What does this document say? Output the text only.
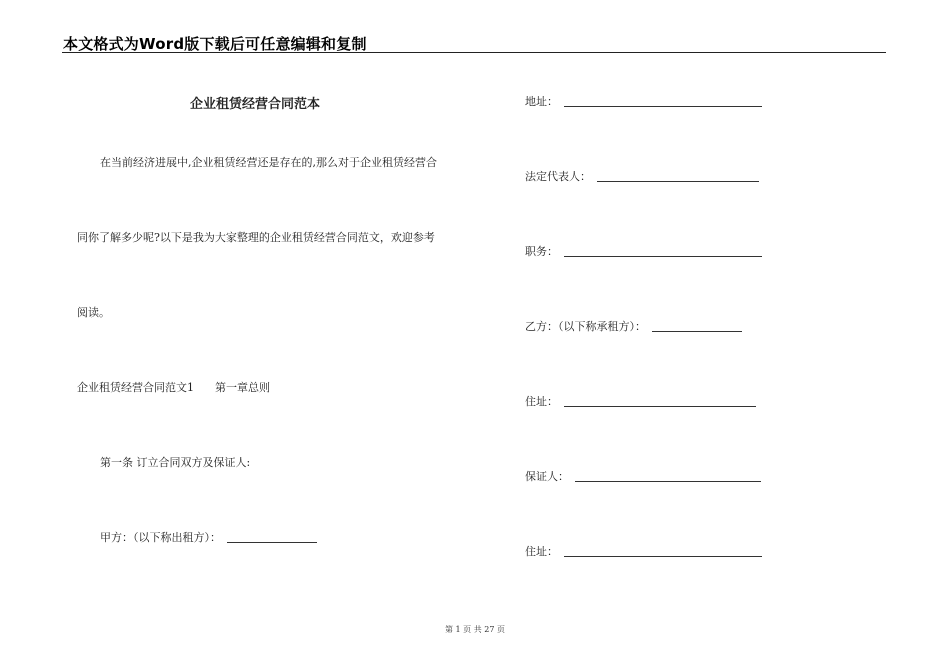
本文格式为Word版下载后可任意编辑和复制
企业租赁经营合同范本
在当前经济进展中,企业租赁经营还是存在的,那么对于企业租赁经营合
同你了解多少呢?以下是我为大家整理的企业租赁经营合同范文，欢迎参考
阅读。
企业租赁经营合同范文1      第一章总则
第一条 订立合同双方及保证人:
甲方：（以下称出租方）：
地址：
法定代表人：
职务：
乙方：（以下称承租方）：
住址：
保证人：
住址：
第 1 页 共 27 页
